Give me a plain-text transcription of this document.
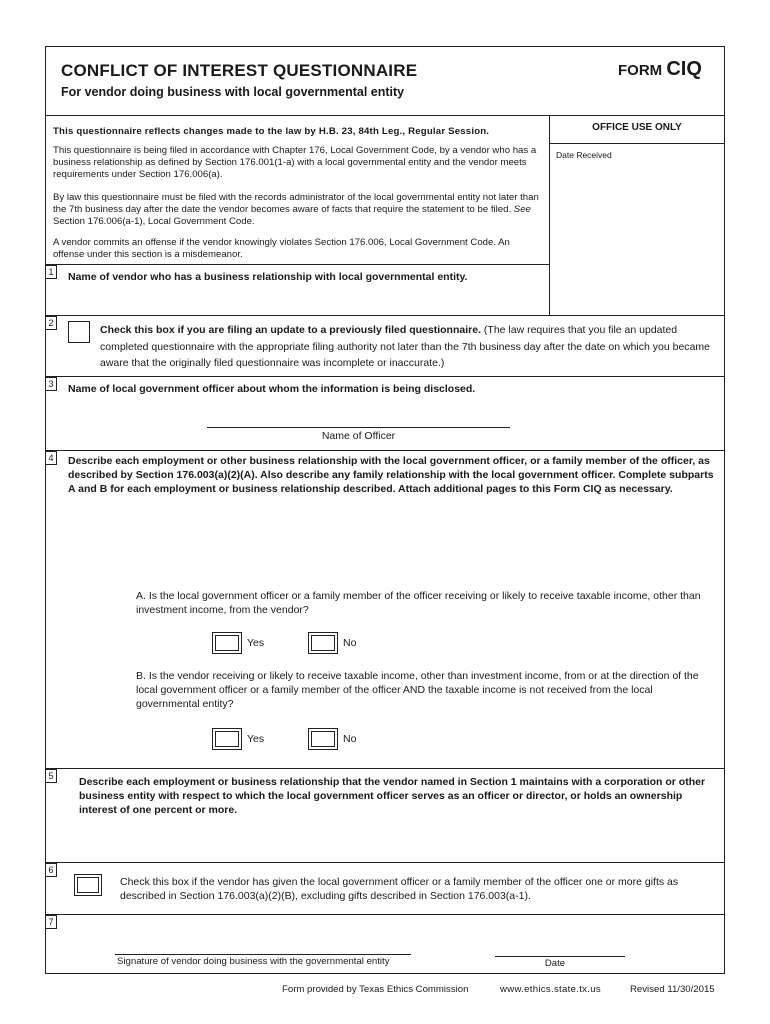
CONFLICT OF INTEREST QUESTIONNAIRE
For vendor doing business with local governmental entity
FORM CIQ
This questionnaire reflects changes made to the law by H.B. 23, 84th Leg., Regular Session.
This questionnaire is being filed in accordance with Chapter 176, Local Government Code, by a vendor who has a business relationship as defined by Section 176.001(1-a) with a local governmental entity and the vendor meets requirements under Section 176.006(a).
By law this questionnaire must be filed with the records administrator of the local governmental entity not later than the 7th business day after the date the vendor becomes aware of facts that require the statement to be filed. See Section 176.006(a-1), Local Government Code.
A vendor commits an offense if the vendor knowingly violates Section 176.006, Local Government Code. An offense under this section is a misdemeanor.
OFFICE USE ONLY
Date Received
1	Name of vendor who has a business relationship with local governmental entity.
2
Check this box if you are filing an update to a previously filed questionnaire. (The law requires that you file an updated completed questionnaire with the appropriate filing authority not later than the 7th business day after the date on which you became aware that the originally filed questionnaire was incomplete or inaccurate.)
3	Name of local government officer about whom the information is being disclosed.
Name of Officer
4	Describe each employment or other business relationship with the local government officer, or a family member of the officer, as described by Section 176.003(a)(2)(A). Also describe any family relationship with the local government officer. Complete subparts A and B for each employment or business relationship described. Attach additional pages to this Form CIQ as necessary.
A. Is the local government officer or a family member of the officer receiving or likely to receive taxable income, other than investment income, from the vendor?
Yes	No
B. Is the vendor receiving or likely to receive taxable income, other than investment income, from or at the direction of the local government officer or a family member of the officer AND the taxable income is not received from the local governmental entity?
Yes	No
5	Describe each employment or business relationship that the vendor named in Section 1 maintains with a corporation or other business entity with respect to which the local government officer serves as an officer or director, or holds an ownership interest of one percent or more.
6
Check this box if the vendor has given the local government officer or a family member of the officer one or more gifts as described in Section 176.003(a)(2)(B), excluding gifts described in Section 176.003(a-1).
7
Signature of vendor doing business with the governmental entity	Date
Form provided by Texas Ethics Commission	www.ethics.state.tx.us	Revised 11/30/2015
